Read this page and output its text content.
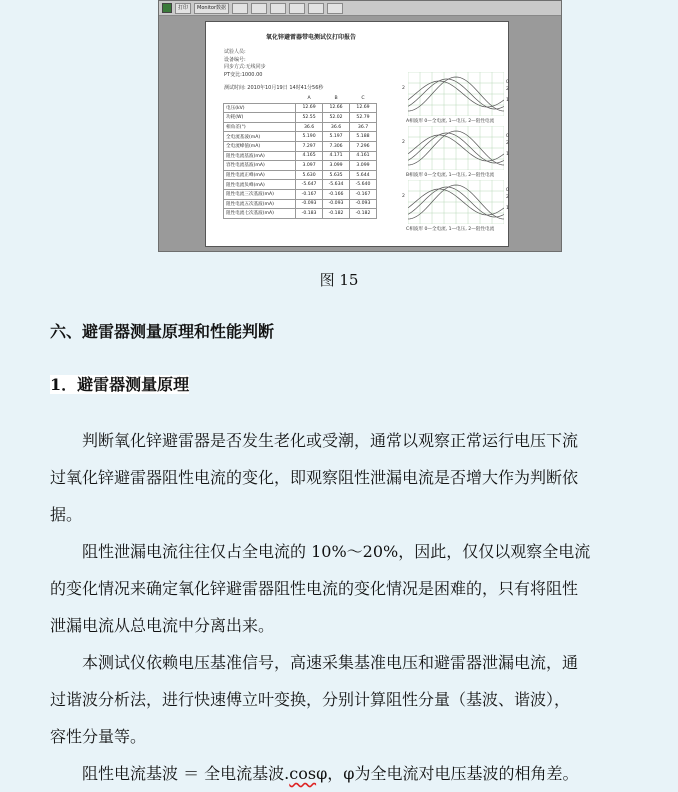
打印	Monitor数据
氧化锌避雷器带电测试仪打印报告
试验人员:
设备编号:
同步方式:无线同步
PT变比:1000.00
测试时间: 2010年10月19日 14时41分56秒
	A	B	C
电压(kV)	12.69	12.66	12.69
功耗(W)	52.55	52.02	52.79
相角差(°)	36.6	36.6	36.7
全电流基波(mA)	5.190	5.197	5.188
全电流峰值(mA)	7.297	7.306	7.296
阻性电流基波(mA)	4.165	4.171	4.161
容性电流基波(mA)	3.097	3.099	3.099
阻性电流正峰(mA)	5.630	5.635	5.644
阻性电流负峰(mA)	-5.647	-5.634	-5.640
阻性电流三次基波(mA)	-0.167	-0.166	-0.167
阻性电流五次基波(mA)	-0.093	-0.093	-0.093
阻性电流七次基波(mA)	-0.183	-0.182	-0.182
2
0
2
1
A相波形 0—全电流, 1—电压, 2—阻性电流
2
0
2
1
B相波形 0—全电流, 1—电压, 2—阻性电流
2
0
2
1
C相波形 0—全电流, 1—电压, 2—阻性电流
图 15
六、避雷器测量原理和性能判断
1．避雷器测量原理
判断氧化锌避雷器是否发生老化或受潮，通常以观察正常运行电压下流
过氧化锌避雷器阻性电流的变化，即观察阻性泄漏电流是否增大作为判断依
据。
阻性泄漏电流往往仅占全电流的 10%～20%，因此，仅仅以观察全电流
的变化情况来确定氧化锌避雷器阻性电流的变化情况是困难的，只有将阻性
泄漏电流从总电流中分离出来。
本测试仪依赖电压基准信号，高速采集基准电压和避雷器泄漏电流，通
过谐波分析法，进行快速傅立叶变换，分别计算阻性分量（基波、谐波），
容性分量等。
阻性电流基波 ＝ 全电流基波.cosφ，φ为全电流对电压基波的相角差。
